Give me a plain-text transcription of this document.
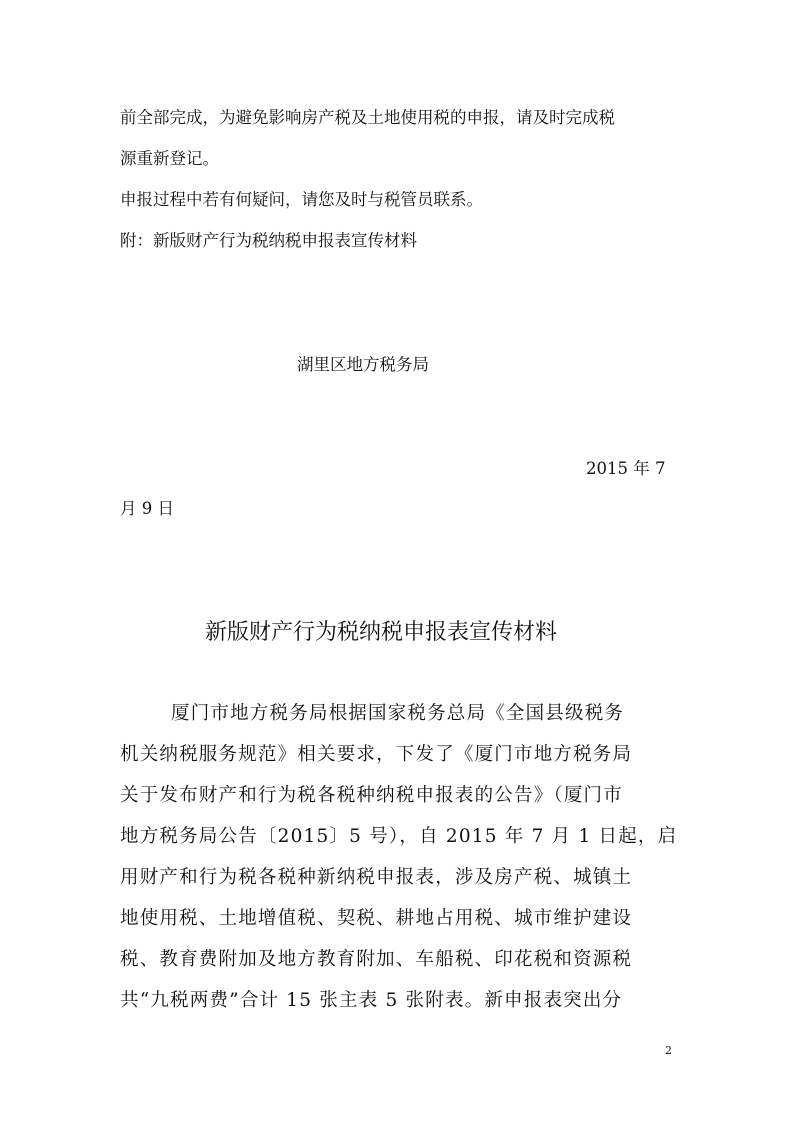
前全部完成，为避免影响房产税及土地使用税的申报，请及时完成税
源重新登记。
申报过程中若有何疑问，请您及时与税管员联系。
附：新版财产行为税纳税申报表宣传材料
湖里区地方税务局
2015 年 7
月 9 日
新版财产行为税纳税申报表宣传材料
厦门市地方税务局根据国家税务总局《全国县级税务
机关纳税服务规范》相关要求，下发了《厦门市地方税务局
关于发布财产和行为税各税种纳税申报表的公告》（厦门市
地方税务局公告〔2015〕5 号），自 2015 年 7 月 1 日起，启
用财产和行为税各税种新纳税申报表，涉及房产税、城镇土
地使用税、土地增值税、契税、耕地占用税、城市维护建设
税、教育费附加及地方教育附加、车船税、印花税和资源税
共“九税两费”合计 15 张主表 5 张附表。新申报表突出分
2
